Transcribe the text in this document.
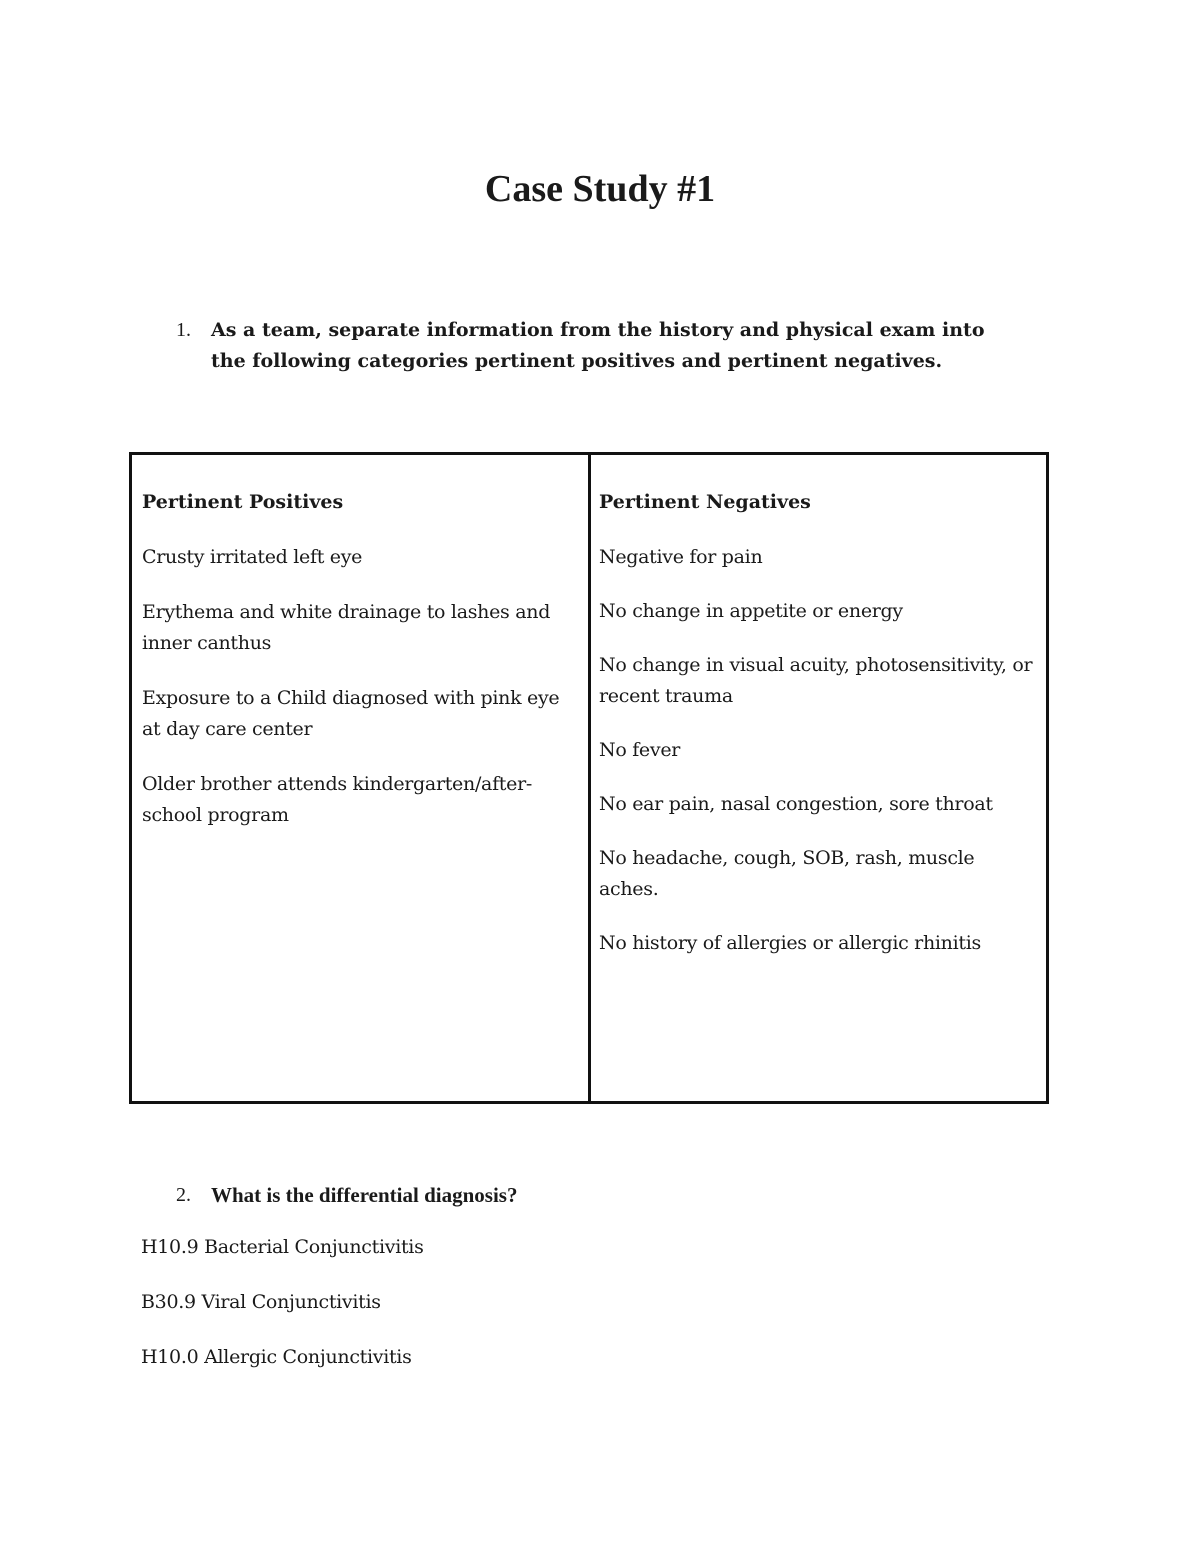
Case Study #1
1.	As a team, separate information from the history and physical exam into the following categories pertinent positives and pertinent negatives.
Pertinent Positives
Crusty irritated left eye
Erythema and white drainage to lashes and inner canthus
Exposure to a Child diagnosed with pink eye at day care center
Older brother attends kindergarten/after-school program
Pertinent Negatives
Negative for pain
No change in appetite or energy
No change in visual acuity, photosensitivity, or recent trauma
No fever
No ear pain, nasal congestion, sore throat
No headache, cough, SOB, rash, muscle aches.
No history of allergies or allergic rhinitis
2. What is the differential diagnosis?
H10.9 Bacterial Conjunctivitis
B30.9 Viral Conjunctivitis
H10.0 Allergic Conjunctivitis
